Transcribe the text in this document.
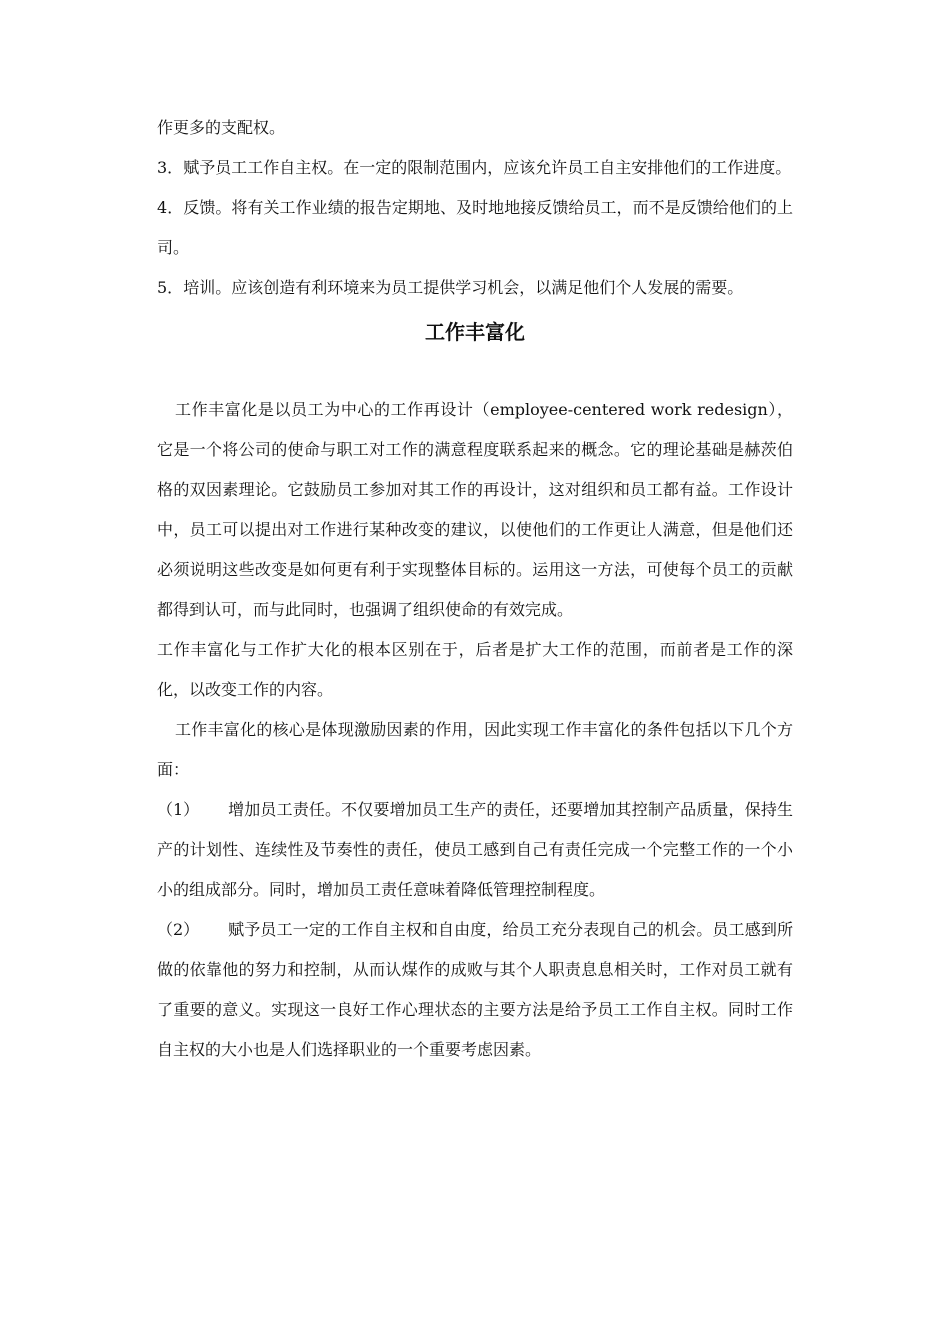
作更多的支配权。

3．赋予员工工作自主权。在一定的限制范围内，应该允许员工自主安排他们的工作进度。

4．反馈。将有关工作业绩的报告定期地、及时地地接反馈给员工，而不是反馈给他们的上司。

5．培训。应该创造有利环境来为员工提供学习机会，以满足他们个人发展的需要。

工作丰富化

工作丰富化是以员工为中心的工作再设计（employee-centered work redesign），它是一个将公司的使命与职工对工作的满意程度联系起来的概念。它的理论基础是赫茨伯格的双因素理论。它鼓励员工参加对其工作的再设计，这对组织和员工都有益。工作设计中，员工可以提出对工作进行某种改变的建议，以使他们的工作更让人满意，但是他们还必须说明这些改变是如何更有利于实现整体目标的。运用这一方法，可使每个员工的贡献都得到认可，而与此同时，也强调了组织使命的有效完成。

工作丰富化与工作扩大化的根本区别在于，后者是扩大工作的范围，而前者是工作的深化，以改变工作的内容。

工作丰富化的核心是体现激励因素的作用，因此实现工作丰富化的条件包括以下几个方面：

（1） 增加员工责任。不仅要增加员工生产的责任，还要增加其控制产品质量，保持生产的计划性、连续性及节奏性的责任，使员工感到自己有责任完成一个完整工作的一个小小的组成部分。同时，增加员工责任意味着降低管理控制程度。

（2） 赋予员工一定的工作自主权和自由度，给员工充分表现自己的机会。员工感到所做的依靠他的努力和控制，从而认煤作的成败与其个人职责息息相关时，工作对员工就有了重要的意义。实现这一良好工作心理状态的主要方法是给予员工工作自主权。同时工作自主权的大小也是人们选择职业的一个重要考虑因素。
